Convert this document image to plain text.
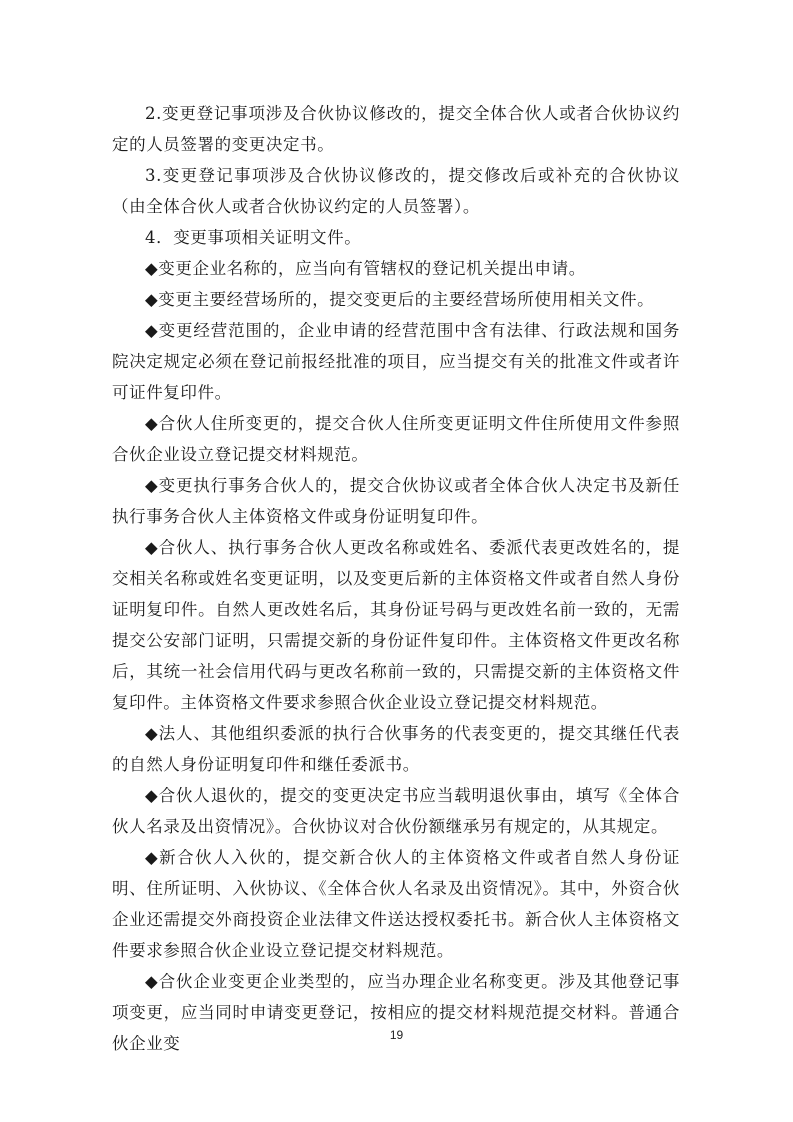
2.变更登记事项涉及合伙协议修改的，提交全体合伙人或者合伙协议约定的人员签署的变更决定书。

3.变更登记事项涉及合伙协议修改的，提交修改后或补充的合伙协议（由全体合伙人或者合伙协议约定的人员签署）。

4．变更事项相关证明文件。

◆变更企业名称的，应当向有管辖权的登记机关提出申请。

◆变更主要经营场所的，提交变更后的主要经营场所使用相关文件。

◆变更经营范围的，企业申请的经营范围中含有法律、行政法规和国务院决定规定必须在登记前报经批准的项目，应当提交有关的批准文件或者许可证件复印件。

◆合伙人住所变更的，提交合伙人住所变更证明文件住所使用文件参照合伙企业设立登记提交材料规范。

◆变更执行事务合伙人的，提交合伙协议或者全体合伙人决定书及新任执行事务合伙人主体资格文件或身份证明复印件。

◆合伙人、执行事务合伙人更改名称或姓名、委派代表更改姓名的，提交相关名称或姓名变更证明，以及变更后新的主体资格文件或者自然人身份证明复印件。自然人更改姓名后，其身份证号码与更改姓名前一致的，无需提交公安部门证明，只需提交新的身份证件复印件。主体资格文件更改名称后，其统一社会信用代码与更改名称前一致的，只需提交新的主体资格文件复印件。主体资格文件要求参照合伙企业设立登记提交材料规范。

◆法人、其他组织委派的执行合伙事务的代表变更的，提交其继任代表的自然人身份证明复印件和继任委派书。

◆合伙人退伙的，提交的变更决定书应当载明退伙事由，填写《全体合伙人名录及出资情况》。合伙协议对合伙份额继承另有规定的，从其规定。

◆新合伙人入伙的，提交新合伙人的主体资格文件或者自然人身份证明、住所证明、入伙协议、《全体合伙人名录及出资情况》。其中，外资合伙企业还需提交外商投资企业法律文件送达授权委托书。新合伙人主体资格文件要求参照合伙企业设立登记提交材料规范。

◆合伙企业变更企业类型的，应当办理企业名称变更。涉及其他登记事项变更，应当同时申请变更登记，按相应的提交材料规范提交材料。普通合伙企业变	19
